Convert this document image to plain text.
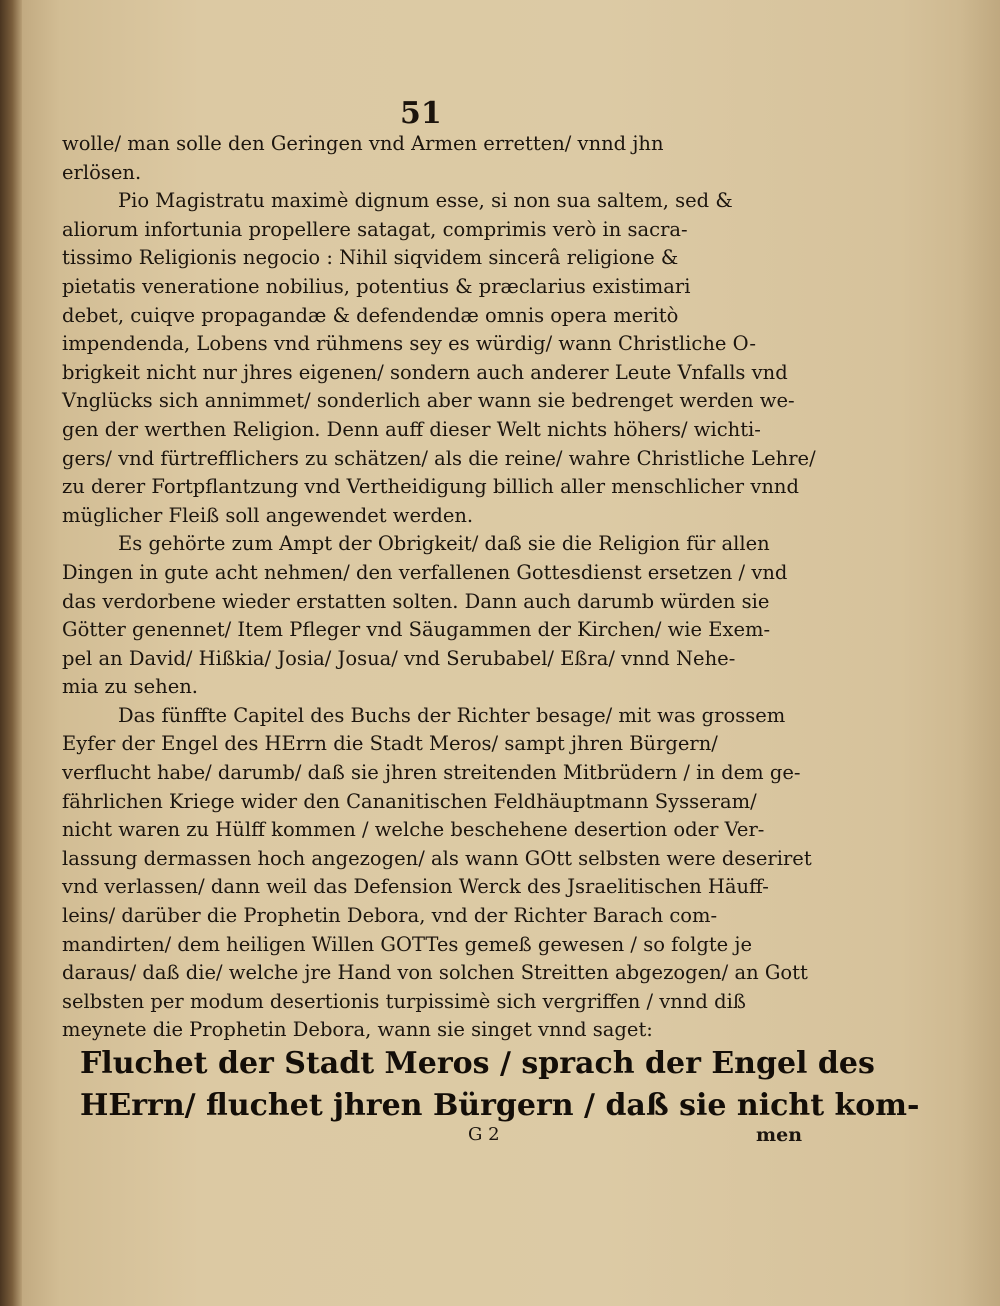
51
wolle/ man solle den Geringen vnd Armen erretten/ vnnd jhn
erlösen.
Pio Magistratu maximè dignum esse, si non sua saltem, sed &
aliorum infortunia propellere satagat, comprimis verò in sacra-
tissimo Religionis negocio : Nihil siqvidem sincerâ religione &
pietatis veneratione nobilius, potentius & præclarius existimari
debet, cuiqve propagandæ & defendendæ omnis opera meritò
impendenda, Lobens vnd rühmens sey es würdig/ wann Christliche O-
brigkeit nicht nur jhres eigenen/ sondern auch anderer Leute Vnfalls vnd
Vnglücks sich annimmet/ sonderlich aber wann sie bedrenget werden we-
gen der werthen Religion. Denn auff dieser Welt nichts höhers/ wichti-
gers/ vnd fürtrefflichers zu schätzen/ als die reine/ wahre Christliche Lehre/
zu derer Fortpflantzung vnd Vertheidigung billich aller menschlicher vnnd
müglicher Fleiß soll angewendet werden.
Es gehörte zum Ampt der Obrigkeit/ daß sie die Religion für allen
Dingen in gute acht nehmen/ den verfallenen Gottesdienst ersetzen / vnd
das verdorbene wieder erstatten solten. Dann auch darumb würden sie
Götter genennet/ Item Pfleger vnd Säugammen der Kirchen/ wie Exem-
pel an David/ Hißkia/ Josia/ Josua/ vnd Serubabel/ Eßra/ vnnd Nehe-
mia zu sehen.
Das fünffte Capitel des Buchs der Richter besage/ mit was grossem
Eyfer der Engel des HErrn die Stadt Meros/ sampt jhren Bürgern/
verflucht habe/ darumb/ daß sie jhren streitenden Mitbrüdern / in dem ge-
fährlichen Kriege wider den Cananitischen Feldhäuptmann Sysseram/
nicht waren zu Hülff kommen / welche beschehene desertion oder Ver-
lassung dermassen hoch angezogen/ als wann GOtt selbsten were deseriret
vnd verlassen/ dann weil das Defension Werck des Jsraelitischen Häuff-
leins/ darüber die Prophetin Debora, vnd der Richter Barach com-
mandirten/ dem heiligen Willen GOTTes gemeß gewesen / so folgte je
daraus/ daß die/ welche jre Hand von solchen Streitten abgezogen/ an Gott
selbsten per modum desertionis turpissimè sich vergriffen / vnnd diß
meynete die Prophetin Debora, wann sie singet vnnd saget:
Fluchet der Stadt Meros / sprach der Engel des
HErrn/ fluchet jhren Bürgern / daß sie nicht kom-
G 2	men
